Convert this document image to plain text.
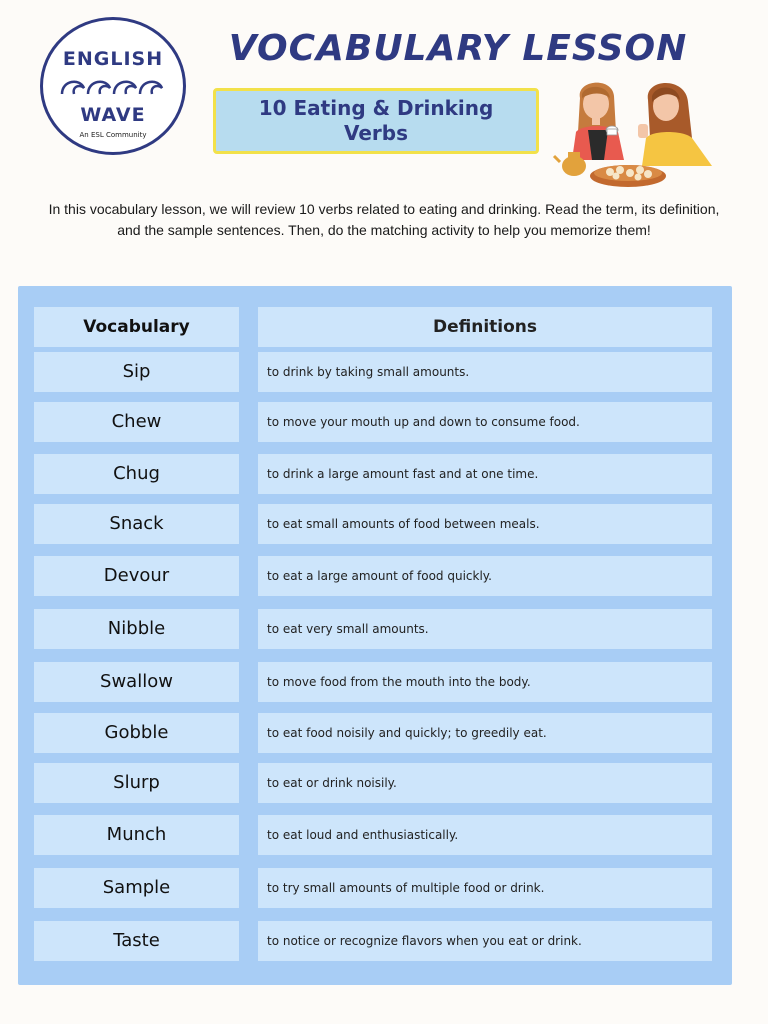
ENGLISH
WAVE
An ESL Community
VOCABULARY LESSON
10 Eating & Drinking
Verbs
In this vocabulary lesson, we will review 10 verbs related to eating and drinking. Read the term, its definition,
and the sample sentences. Then, do the matching activity to help you memorize them!
Vocabulary	Definitions
Sip	to drink by taking small amounts.
Chew	to move your mouth up and down to consume food.
Chug	to drink a large amount fast and at one time.
Snack	to eat small amounts of food between meals.
Devour	to eat a large amount of food quickly.
Nibble	to eat very small amounts.
Swallow	to move food from the mouth into the body.
Gobble	to eat food noisily and quickly; to greedily eat.
Slurp	to eat or drink noisily.
Munch	to eat loud and enthusiastically.
Sample	to try small amounts of multiple food or drink.
Taste	to notice or recognize flavors when you eat or drink.
